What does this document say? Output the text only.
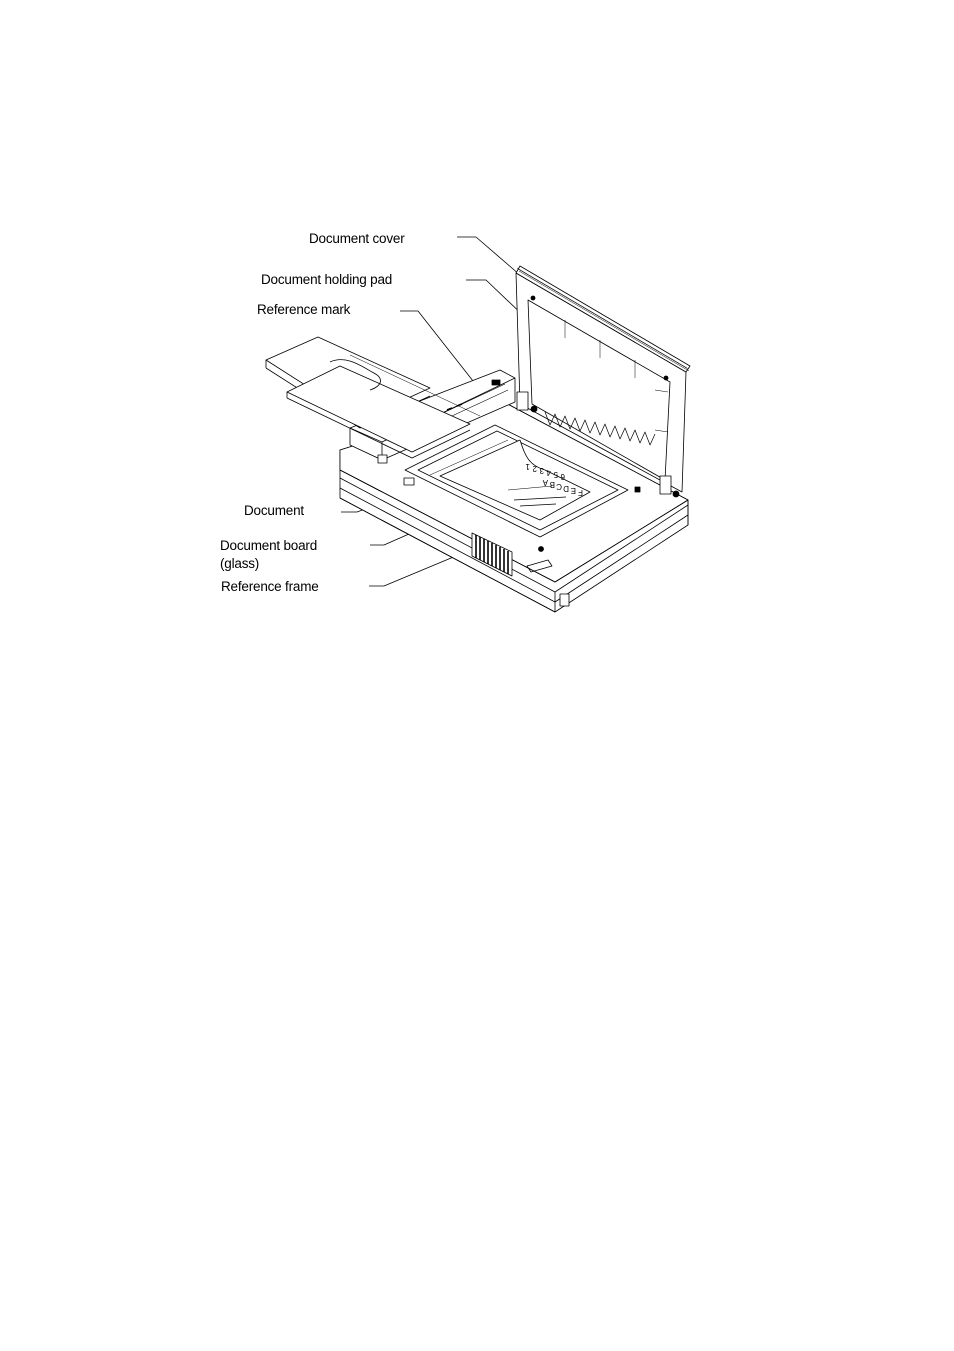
Document cover
Document holding pad
Reference mark
Document
Document board
(glass)
Reference frame
1 2 3 4 5 6
A B C D E F
